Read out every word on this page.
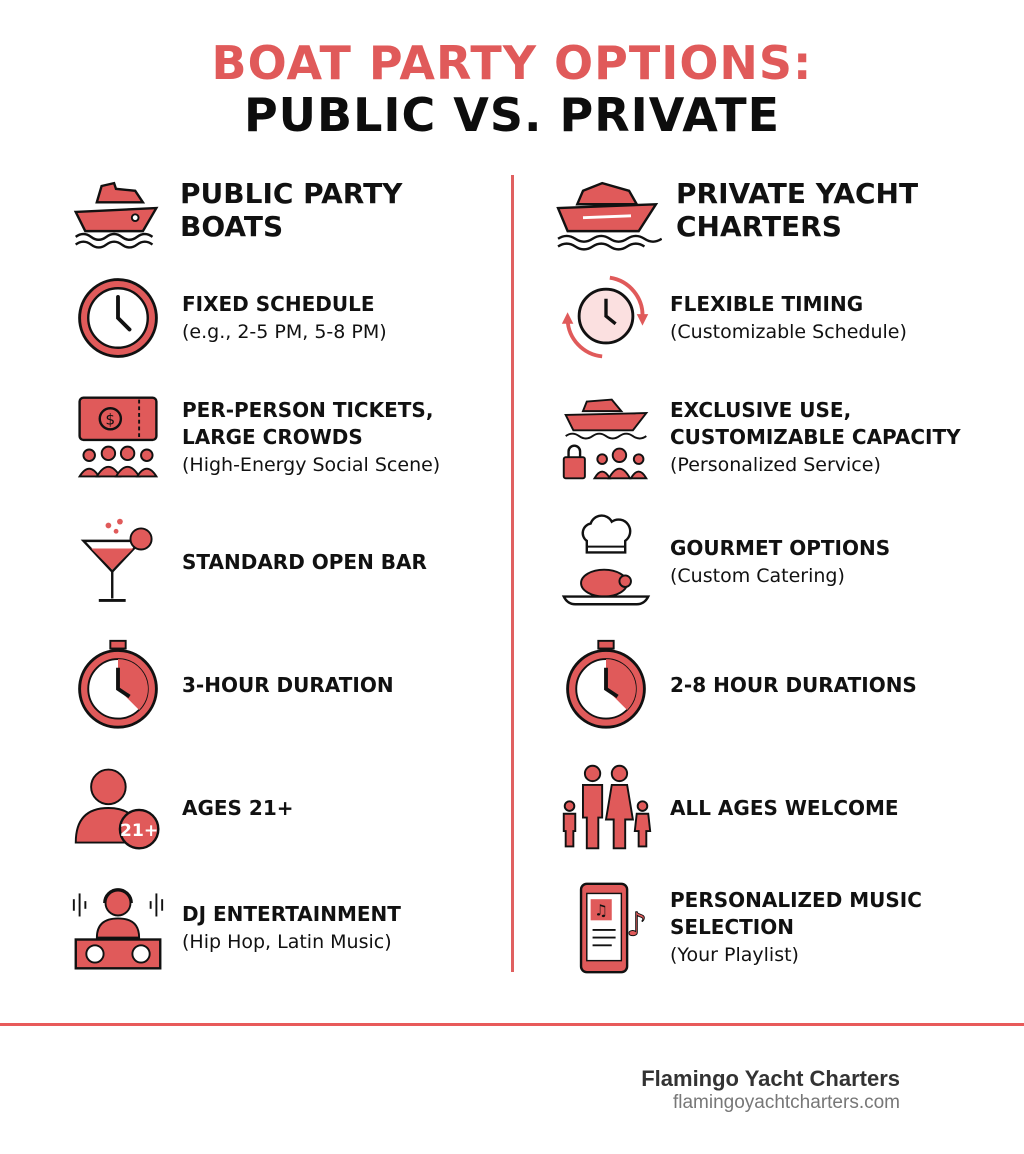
BOAT PARTY OPTIONS:
PUBLIC VS. PRIVATE
PUBLIC PARTY BOATS
FIXED SCHEDULE
(e.g., 2-5 PM, 5-8 PM)
$	PER-PERSON TICKETS, LARGE CROWDS
(High-Energy Social Scene)
STANDARD OPEN BAR
3-HOUR DURATION
21+
AGES 21+
DJ ENTERTAINMENT
(Hip Hop, Latin Music)
PRIVATE YACHT CHARTERS
FLEXIBLE TIMING
(Customizable Schedule)
EXCLUSIVE USE, CUSTOMIZABLE CAPACITY
(Personalized Service)
GOURMET OPTIONS
(Custom Catering)
2-8 HOUR DURATIONS
ALL AGES WELCOME
♫ ♪
PERSONALIZED MUSIC SELECTION
(Your Playlist)
Flamingo Yacht Charters
flamingoyachtcharters.com
